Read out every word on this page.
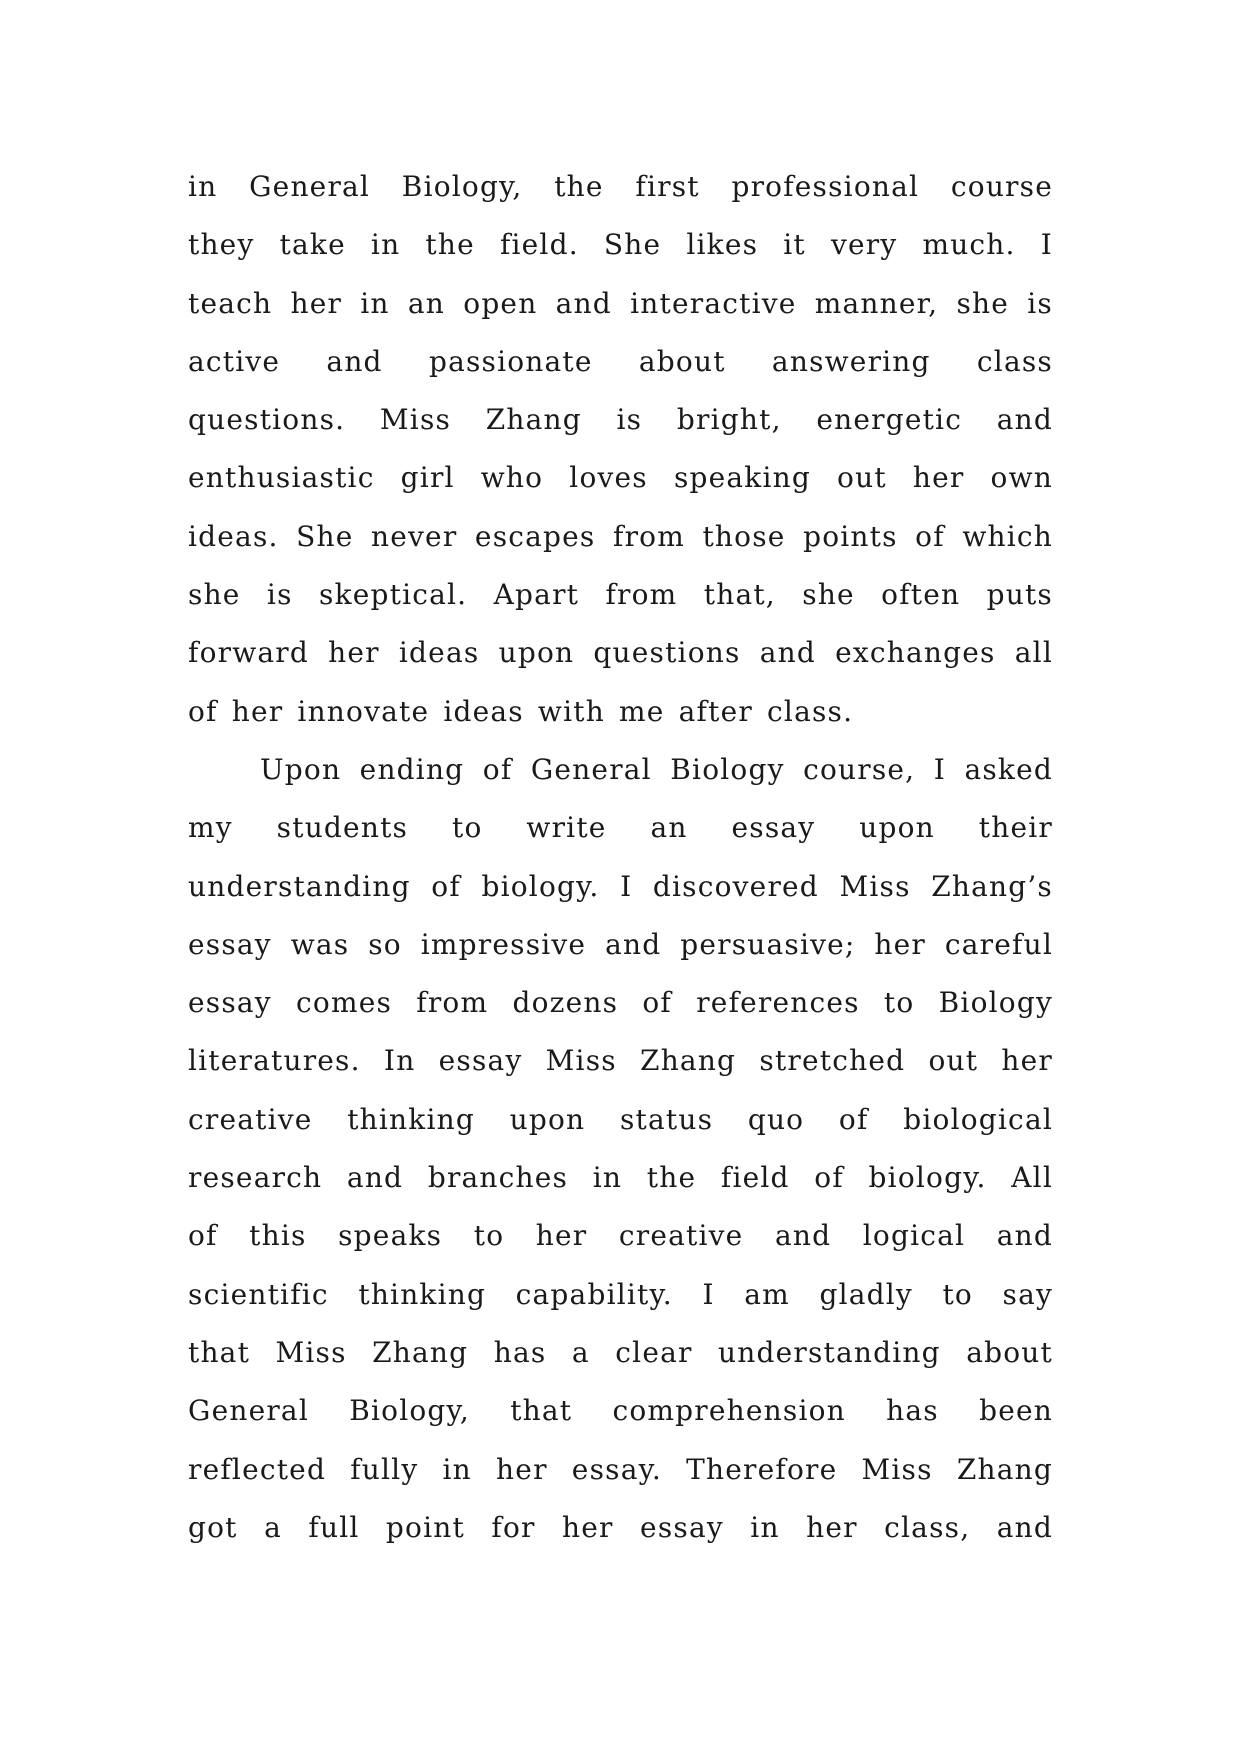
in General Biology, the first professional course
they take in the field. She likes it very much. I
teach her in an open and interactive manner, she is
active and passionate about answering class
questions. Miss Zhang is bright, energetic and
enthusiastic girl who loves speaking out her own
ideas. She never escapes from those points of which
she is skeptical. Apart from that, she often puts
forward her ideas upon questions and exchanges all
of her innovate ideas with me after class.
Upon ending of General Biology course, I asked
my students to write an essay upon their
understanding of biology. I discovered Miss Zhang’s
essay was so impressive and persuasive; her careful
essay comes from dozens of references to Biology
literatures. In essay Miss Zhang stretched out her
creative thinking upon status quo of biological
research and branches in the field of biology. All
of this speaks to her creative and logical and
scientific thinking capability. I am gladly to say
that Miss Zhang has a clear understanding about
General Biology, that comprehension has been
reflected fully in her essay. Therefore Miss Zhang
got a full point for her essay in her class, and
